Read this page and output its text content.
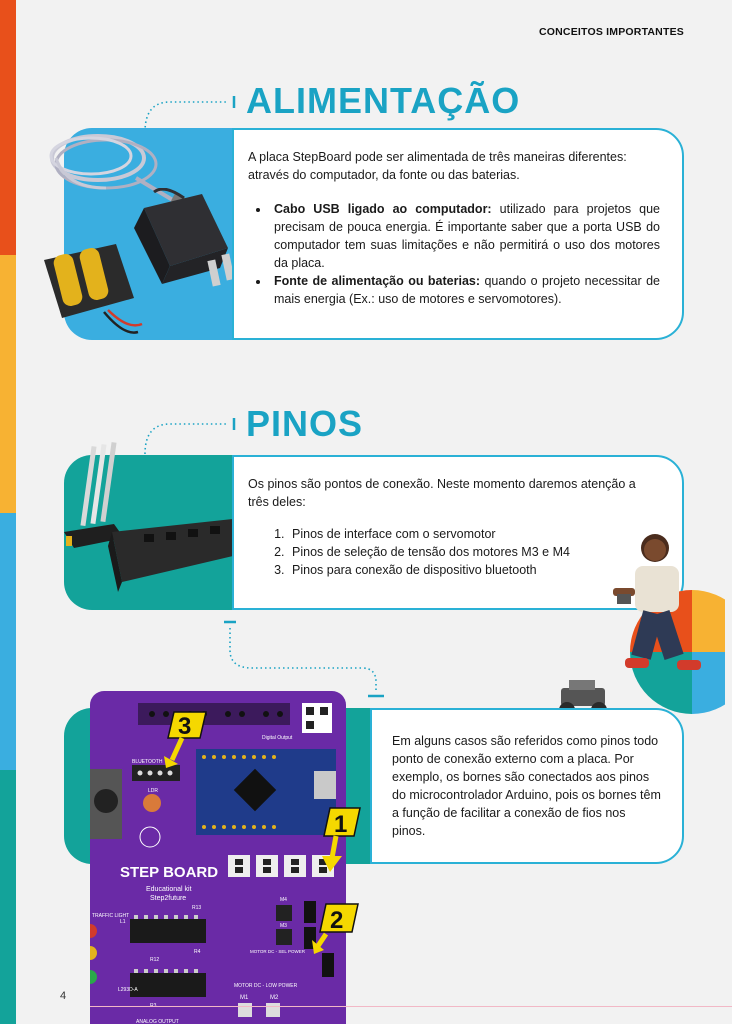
CONCEITOS IMPORTANTES
ALIMENTAÇÃO

A placa StepBoard pode ser alimentada de três maneiras diferentes: através do computador, da fonte ou das baterias.

• Cabo USB ligado ao computador: utilizado para projetos que precisam de pouca energia. É importante saber que a porta USB do computador tem suas limitações e não permitirá o uso dos motores da placa.
• Fonte de alimentação ou baterias: quando o projeto necessitar de mais energia (Ex.: uso de motores e servomotores).
PINOS

Os pinos são pontos de conexão. Neste momento daremos atenção a três deles:

1. Pinos de interface com o servomotor
2. Pinos de seleção de tensão dos motores M3 e M4
3. Pinos para conexão de dispositivo bluetooth

Em alguns casos são referidos como pinos todo ponto de conexão externo com a placa. Por exemplo, os bornes são conectados aos pinos do microcontrolador Arduino, pois os bornes têm a função de facilitar a conexão de fios nos pinos.

STEP BOARD
Educational kit
Step2future
M1	M2
MOTOR DC - LOW POWER
ANALOG OUTPUT
BLUETOOTH
LDR
Digital Output
R13
R12
R3
R4
TRAFFIC LIGHT
M4
M3
L1
L293D-A
MOTOR DC - SEL POWER
3
1
2
4
